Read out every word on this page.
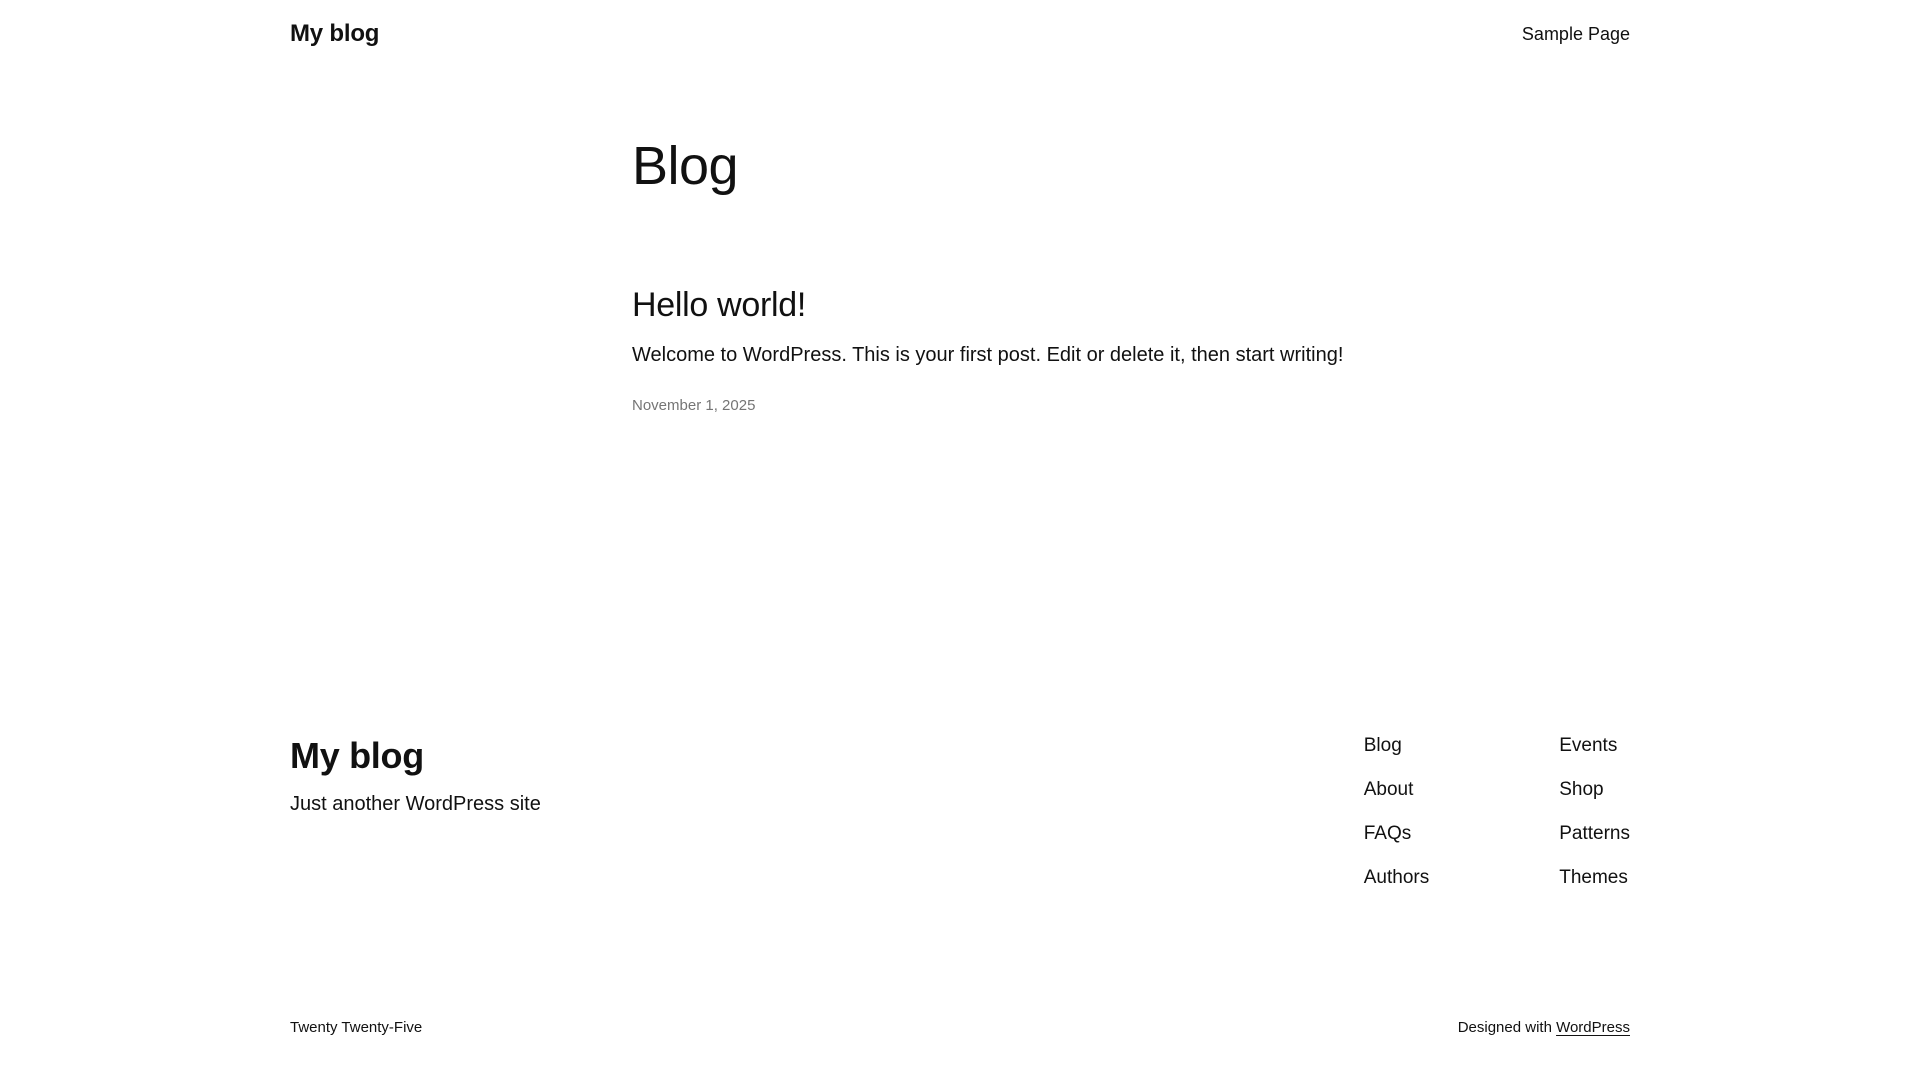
My blog	Sample Page
Blog
Hello world!

Welcome to WordPress. This is your first post. Edit or delete it, then start writing!

November 1, 2025
My blog

Just another WordPress site

Blog
About
FAQs
Authors
Events
Shop
Patterns
Themes
Twenty Twenty-Five	Designed with WordPress
